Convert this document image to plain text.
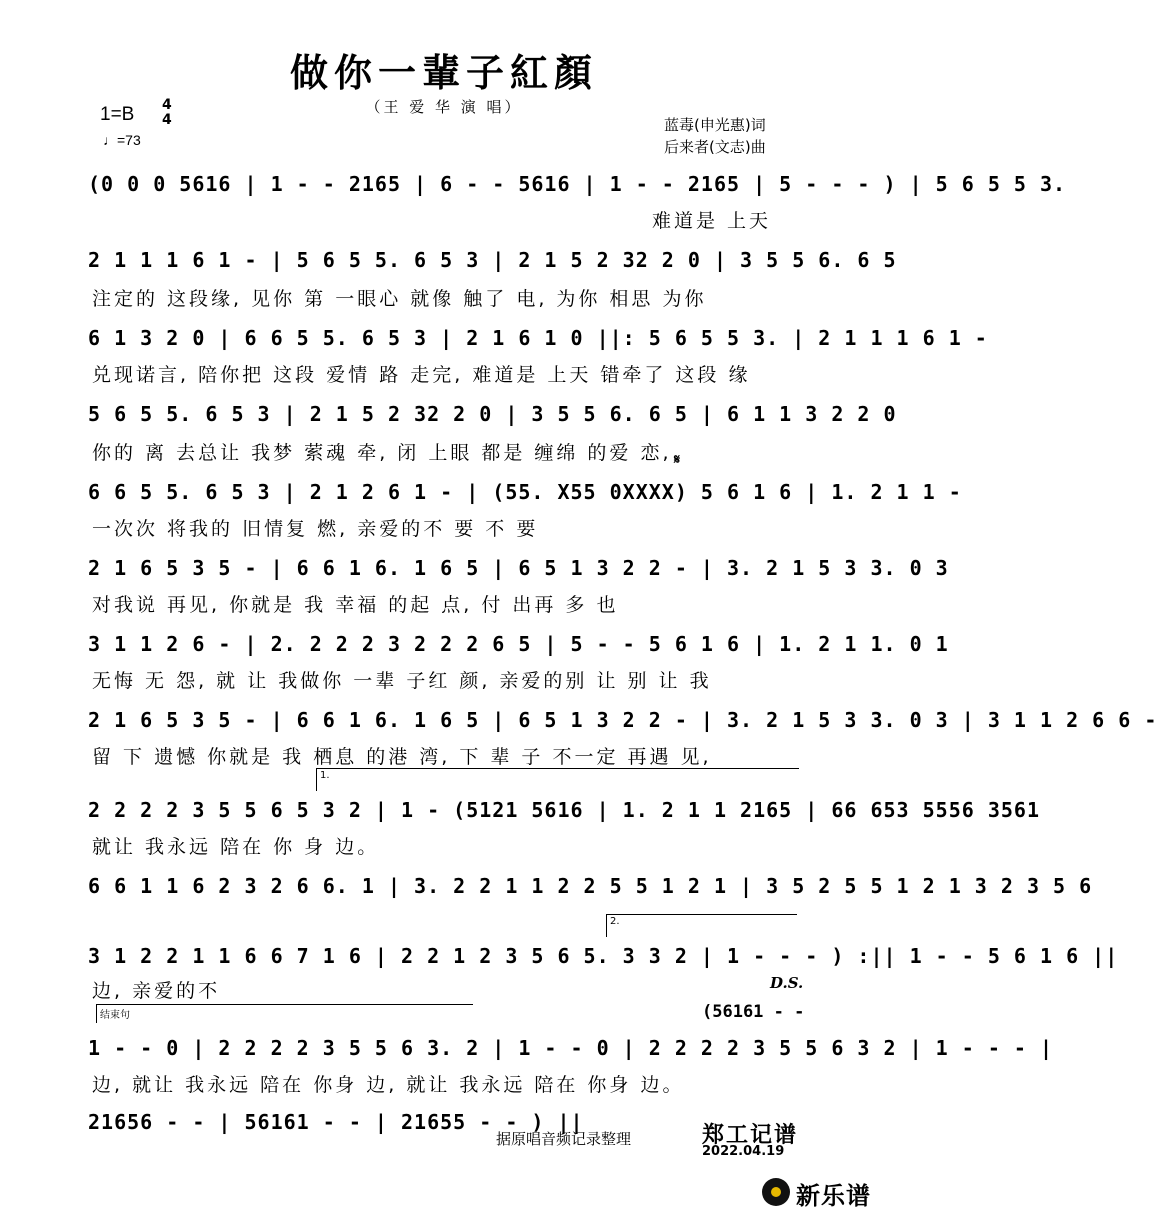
做你一輩子紅顏
（王 爱 华 演 唱）
1=B 4
4
♩=73
蓝毒(申光惠)词
后来者(文志)曲
(0 0 0 5616 | 1 - - 2165 | 6 - - 5616 | 1 - - 2165 | 5 - - - ) | 5 6 5 5 3.
难道是 上天
2 1 1 1 6 1 - | 5 6 5 5. 6 5 3 | 2 1 5 2 32 2 0 | 3 5 5 6. 6 5
注定的 这段缘, 见你 第 一眼心 就像 触了 电, 为你 相思 为你
6 1 3 2 0 | 6 6 5 5. 6 5 3 | 2 1 6 1 0 ||: 5 6 5 5 3. | 2 1 1 1 6 1 -
兑现诺言, 陪你把 这段 爱情 路 走完, 难道是 上天 错牵了 这段 缘
5 6 5 5. 6 5 3 | 2 1 5 2 32 2 0 | 3 5 5 6. 6 5 | 6 1 1 3 2 2 0
你的 离 去总让 我梦 萦魂 牵, 闭 上眼 都是 缠绵 的爱 恋, 𝄋
6 6 5 5. 6 5 3 | 2 1 2 6 1 - | (55. X55 0XXXX) 5 6 1 6 | 1. 2 1 1 -
一次次 将我的 旧情复 燃, 亲爱的不 要 不 要
2 1 6 5 3 5 - | 6 6 1 6. 1 6 5 | 6 5 1 3 2 2 - | 3. 2 1 5 3 3. 0 3
对我说 再见, 你就是 我 幸福 的起 点, 付 出再 多 也
3 1 1 2 6 - | 2. 2 2 2 3 2 2 2 6 5 | 5 - - 5 6 1 6 | 1. 2 1 1. 0 1
无悔 无 怨, 就 让 我做你 一辈 子红 颜, 亲爱的别 让 别 让 我
2 1 6 5 3 5 - | 6 6 1 6. 1 6 5 | 6 5 1 3 2 2 - | 3. 2 1 5 3 3. 0 3 | 3 1 1 2 6 6 -
留 下 遗憾 你就是 我 栖息 的港 湾, 下 辈 子 不一定 再遇 见,
1.
2 2 2 2 3 5 5 6 5 3 2 | 1 - (5121 5616 | 1. 2 1 1 2165 | 66 653 5556 3561
就让 我永远 陪在 你 身 边。
6 6 1 1 6 2 3 2 6 6. 1 | 3. 2 2 1 1 2 2 5 5 1 2 1 | 3 5 2 5 5 1 2 1 3 2 3 5 6
2.
3 1 2 2 1 1 6 6 7 1 6 | 2 2 1 2 3 5 6 5. 3 3 2 | 1 - - - ) :|| 1 - - 5 6 1 6 ||
边, 亲爱的不	D.S.
结束句	(56161 - -
1 - - 0 | 2 2 2 2 3 5 5 6 3. 2 | 1 - - 0 | 2 2 2 2 3 5 5 6 3 2 | 1 - - - |
边, 就让 我永远 陪在 你身 边, 就让 我永远 陪在 你身 边。
21656 - - | 56161 - - | 21655 - - ) ||
据原唱音频记录整理	郑工记谱
2022.04.19
新乐谱
